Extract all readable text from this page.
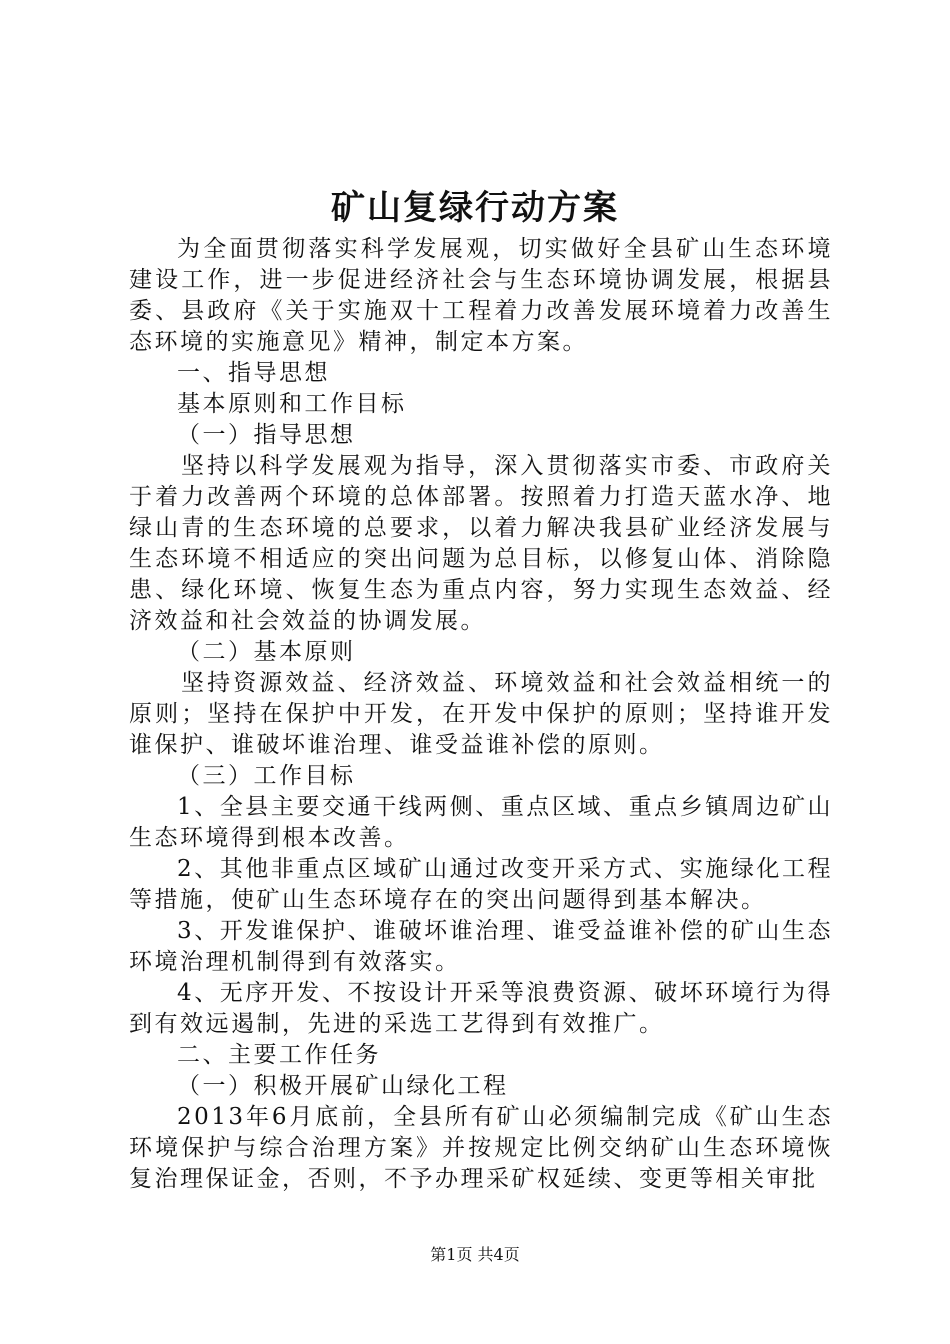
矿山复绿行动方案

为全面贯彻落实科学发展观，切实做好全县矿山生态环境建设工作，进一步促进经济社会与生态环境协调发展，根据县委、县政府《关于实施双十工程着力改善发展环境着力改善生态环境的实施意见》精神，制定本方案。

一、指导思想

基本原则和工作目标

（一）指导思想

坚持以科学发展观为指导，深入贯彻落实市委、市政府关于着力改善两个环境的总体部署。按照着力打造天蓝水净、地绿山青的生态环境的总要求，以着力解决我县矿业经济发展与生态环境不相适应的突出问题为总目标，以修复山体、消除隐患、绿化环境、恢复生态为重点内容，努力实现生态效益、经济效益和社会效益的协调发展。

（二）基本原则

坚持资源效益、经济效益、环境效益和社会效益相统一的原则；坚持在保护中开发，在开发中保护的原则；坚持谁开发谁保护、谁破坏谁治理、谁受益谁补偿的原则。

（三）工作目标

1、全县主要交通干线两侧、重点区域、重点乡镇周边矿山生态环境得到根本改善。

2、其他非重点区域矿山通过改变开采方式、实施绿化工程等措施，使矿山生态环境存在的突出问题得到基本解决。

3、开发谁保护、谁破坏谁治理、谁受益谁补偿的矿山生态环境治理机制得到有效落实。

4、无序开发、不按设计开采等浪费资源、破坏环境行为得到有效远遏制，先进的采选工艺得到有效推广。

二、主要工作任务

（一）积极开展矿山绿化工程

2013年6月底前，全县所有矿山必须编制完成《矿山生态环境保护与综合治理方案》并按规定比例交纳矿山生态环境恢复治理保证金，否则，不予办理采矿权延续、变更等相关审批

第1页 共4页
